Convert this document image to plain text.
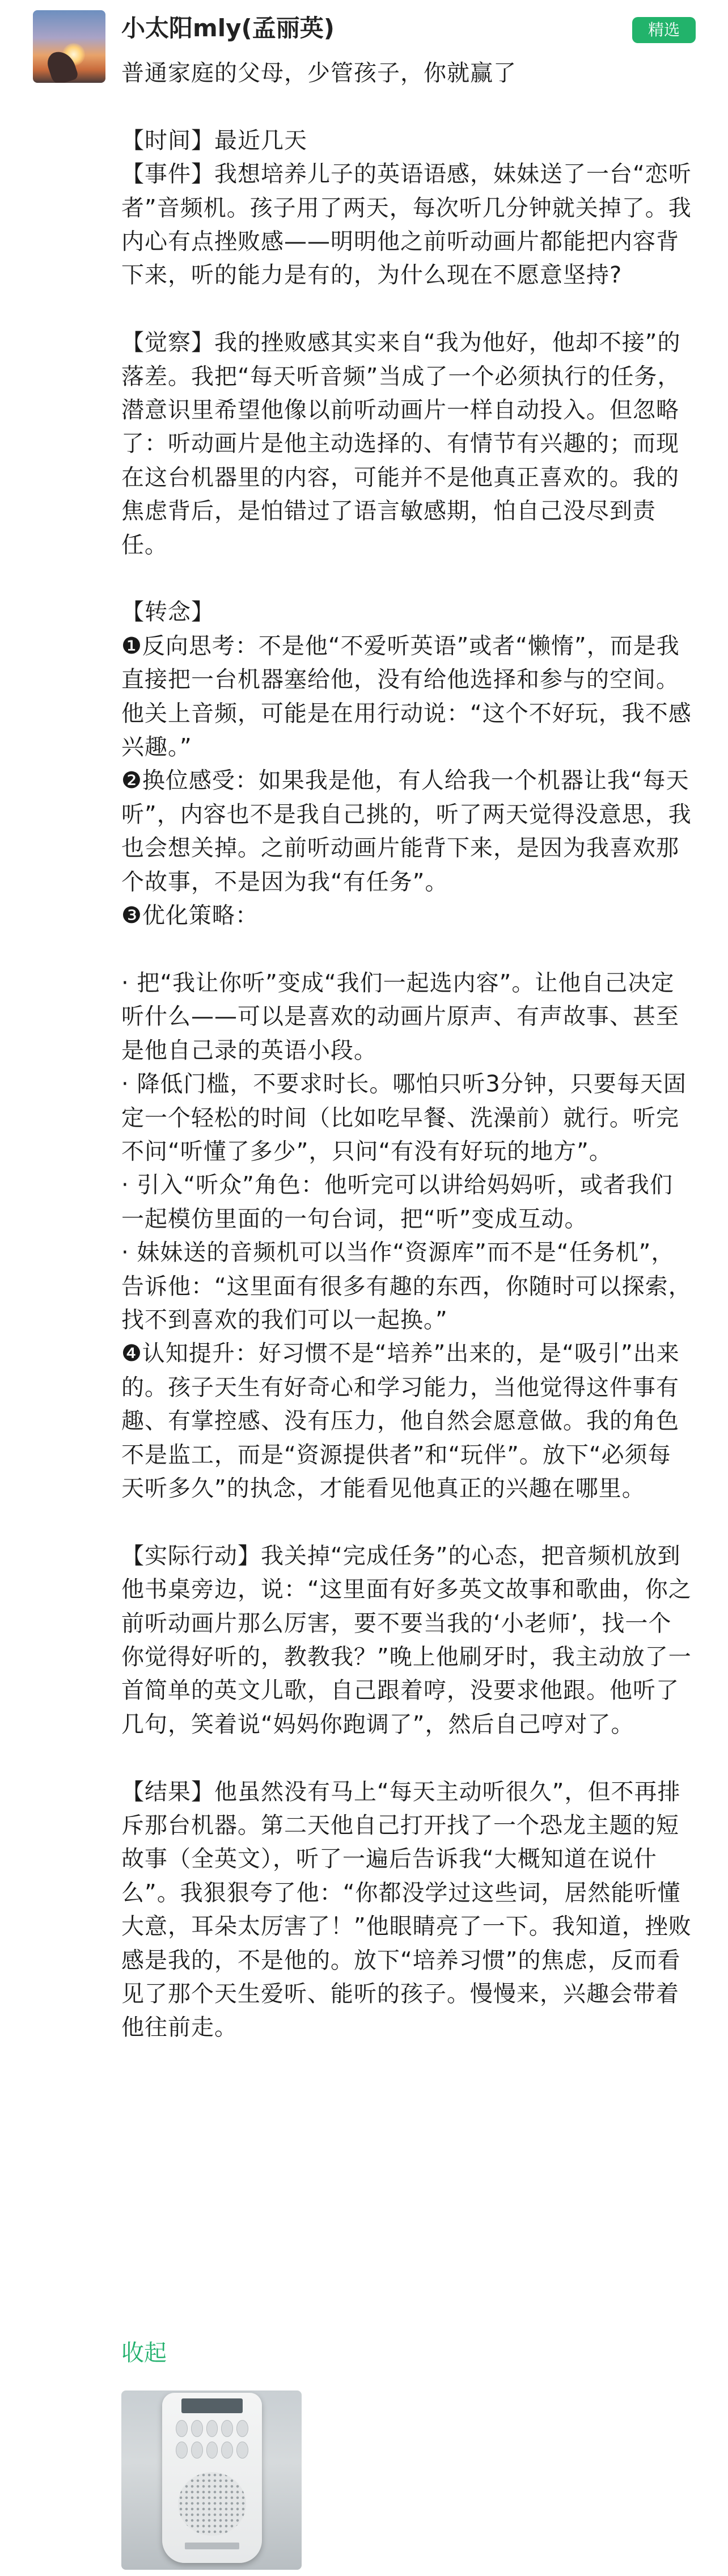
小太阳mly(孟丽英)	精选

普通家庭的父母，少管孩子，你就赢了

【时间】最近几天

【事件】我想培养儿子的英语语感，妹妹送了一台“恋听者”音频机。孩子用了两天，每次听几分钟就关掉了。我内心有点挫败感——明明他之前听动画片都能把内容背下来，听的能力是有的，为什么现在不愿意坚持?

【觉察】我的挫败感其实来自“我为他好，他却不接”的落差。我把“每天听音频”当成了一个必须执行的任务，潜意识里希望他像以前听动画片一样自动投入。但忽略了：听动画片是他主动选择的、有情节有兴趣的；而现在这台机器里的内容，可能并不是他真正喜欢的。我的焦虑背后，是怕错过了语言敏感期，怕自己没尽到责任。

【转念】

❶反向思考：不是他“不爱听英语”或者“懒惰”，而是我直接把一台机器塞给他，没有给他选择和参与的空间。他关上音频，可能是在用行动说：“这个不好玩，我不感兴趣。”

❷换位感受：如果我是他，有人给我一个机器让我“每天听”，内容也不是我自己挑的，听了两天觉得没意思，我也会想关掉。之前听动画片能背下来，是因为我喜欢那个故事，不是因为我“有任务”。

❸优化策略：

· 把“我让你听”变成“我们一起选内容”。让他自己决定听什么——可以是喜欢的动画片原声、有声故事、甚至是他自己录的英语小段。

· 降低门槛，不要求时长。哪怕只听3分钟，只要每天固定一个轻松的时间（比如吃早餐、洗澡前）就行。听完不问“听懂了多少”，只问“有没有好玩的地方”。

· 引入“听众”角色：他听完可以讲给妈妈听，或者我们一起模仿里面的一句台词，把“听”变成互动。

· 妹妹送的音频机可以当作“资源库”而不是“任务机”，告诉他：“这里面有很多有趣的东西，你随时可以探索，找不到喜欢的我们可以一起换。”

❹认知提升：好习惯不是“培养”出来的，是“吸引”出来的。孩子天生有好奇心和学习能力，当他觉得这件事有趣、有掌控感、没有压力，他自然会愿意做。我的角色不是监工，而是“资源提供者”和“玩伴”。放下“必须每天听多久”的执念，才能看见他真正的兴趣在哪里。

【实际行动】我关掉“完成任务”的心态，把音频机放到他书桌旁边，说：“这里面有好多英文故事和歌曲，你之前听动画片那么厉害，要不要当我的‘小老师’，找一个你觉得好听的，教教我？”晚上他刷牙时，我主动放了一首简单的英文儿歌，自己跟着哼，没要求他跟。他听了几句，笑着说“妈妈你跑调了”，然后自己哼对了。

【结果】他虽然没有马上“每天主动听很久”，但不再排斥那台机器。第二天他自己打开找了一个恐龙主题的短故事（全英文），听了一遍后告诉我“大概知道在说什么”。我狠狠夸了他：“你都没学过这些词，居然能听懂大意，耳朵太厉害了！”他眼睛亮了一下。我知道，挫败感是我的，不是他的。放下“培养习惯”的焦虑，反而看见了那个天生爱听、能听的孩子。慢慢来，兴趣会带着他往前走。

收起
